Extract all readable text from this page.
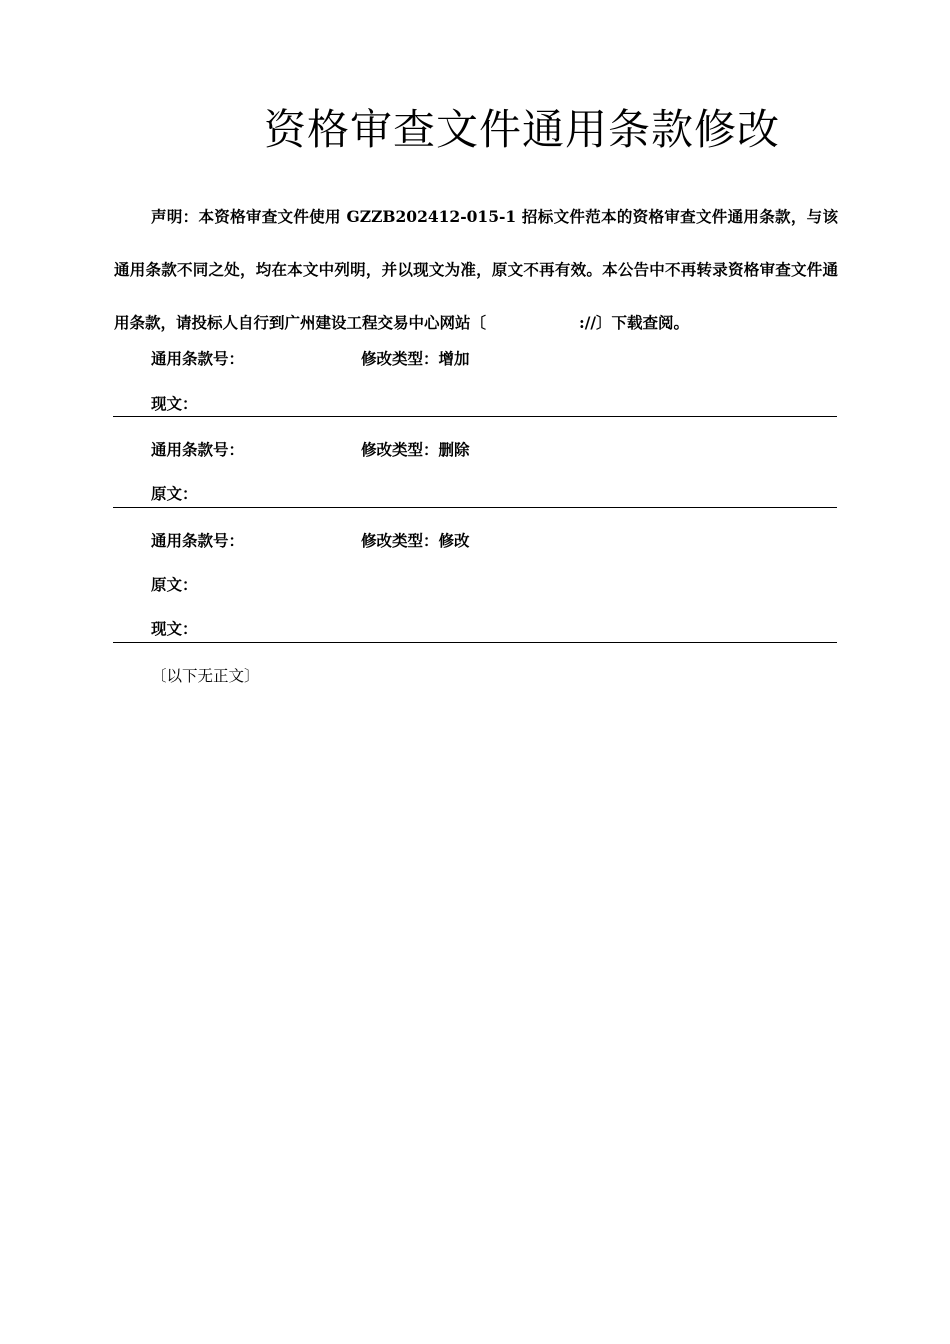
资格审查文件通用条款修改

声明：本资格审查文件使用 GZZB202412-015-1 招标文件范本的资格审查文件通用条款，与该通用条款不同之处，均在本文中列明，并以现文为准，原文不再有效。本公告中不再转录资格审查文件通用条款，请投标人自行到广州建设工程交易中心网站〔　　　　　　://〕下载查阅。

通用条款号：	修改类型：增加
现文：
通用条款号：	修改类型：删除
原文：
通用条款号：	修改类型：修改
原文：
现文：
〔以下无正文〕
